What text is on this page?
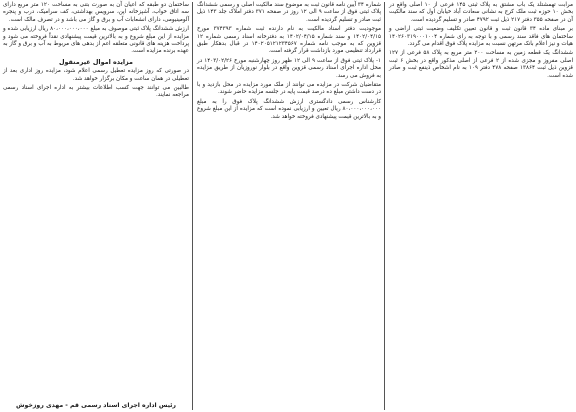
مرابت تهمشتلد یک باب مشتق به پلاک ثبتی ۱۴۵ فرعی از ۱۰ اصلی واقع در بخش ۱۰ حوزه ثبت ملک کرج به نشانی سعادت آباد خیابان اول که سند مالکیت آن در صفحه ۳۵۵ دفتر ۲۱۷ ذیل ثبت ۴۷۹۲ صادر و تسلیم گردیده است.
بر مبنای ماده ۳۴ قانون ثبت و قانون تعیین تکلیف وضعیت ثبتی اراضی و ساختمان های فاقد سند رسمی و با توجه به رای شماره ۱۴۰۲۶۰۳۱۹۰۰۰۱۰۰۴ هیات و نیز اعلام بانک مرتهن نسبت به مزایده پلاک فوق اقدام می گردد.
ششدانگ یک قطعه زمین به مساحت ۲۰۰ متر مربع به پلاک ۵۸ فرعی از ۱۲۷ اصلی مفروز و مجزی شده از ۲ فرعی از اصلی مذکور واقع در بخش ۶ ثبت قزوین ذیل ثبت ۱۳۸۶۴ صفحه ۴۷۸ دفتر ۱۰۹ به نام اشخاص ذینفع ثبت و صادر شده است.
شماره ۳۴ آیین نامه قانون ثبت به موضوع سند مالکیت اصلی و رسمی ششدانگ پلاک ثبتی فوق از ساعت ۹ الی ۱۲ روز در صفحه ۳۷۱ دفتر املاک جلد ۱۴۳ ذیل ثبت صادر و تسلیم گردیده است.
موجودیت دفتر اسناد مالکیت به نام دارنده ثبت شماره ۳۷۴۳۹۳ مورخ ۱۴۰۲/۰۴/۱۵ و سند شماره ۱۴۰۲/۰۴/۱۵ به دفترخانه اسناد رسمی شماره ۱۲ قزوین که به موجب نامه شماره ۱۴۰۲۰۵۱۲۱۲۳۴۵۶۷ در قبال بدهکار طبق قرارداد تنظیمی مورد بازداشت قرار گرفته است.
۱- پلاک ثبتی فوق از ساعت ۹ الی ۱۲ ظهر روز چهارشنبه مورخ ۱۴۰۳/۰۲/۲۶ در محل اداره اجرای اسناد رسمی قزوین واقع در بلوار نوروزیان از طریق مزایده به فروش می رسد.
متقاضیان شرکت در مزایده می توانند از ملک مورد مزایده در محل بازدید و با در دست داشتن مبلغ ده درصد قیمت پایه در جلسه مزایده حاضر شوند.
کارشناس رسمی دادگستری ارزش ششدانگ پلاک فوق را به مبلغ ۸۰،۰۰۰،۰۰۰،۰۰۰ ریال تعیین و ارزیابی نموده است که مزایده از این مبلغ شروع و به بالاترین قیمت پیشنهادی فروخته خواهد شد.
ساختمان دو طبقه که اعیان آن به صورت بتنی به مساحت ۱۲۰ متر مربع دارای سه اتاق خواب، آشپزخانه اپن، سرویس بهداشتی، کف سرامیک، درب و پنجره آلومینیومی، دارای انشعابات آب و برق و گاز می باشد و در تصرف مالک است.
ارزش ششدانگ پلاک ثبتی موصوف به مبلغ ۸۰،۰۰۰،۰۰۰،۰۰۰ ریال ارزیابی شده و مزایده از این مبلغ شروع و به بالاترین قیمت پیشنهادی نقداً فروخته می شود و پرداخت هزینه های قانونی متعلقه اعم از بدهی های مربوط به آب و برق و گاز به عهده برنده مزایده است.
مزایده اموال غیرمنقول
در صورتی که روز مزایده تعطیل رسمی اعلام شود، مزایده روز اداری بعد از تعطیلی در همان ساعت و مکان برگزار خواهد شد.
طالبین می توانند جهت کسب اطلاعات بیشتر به اداره اجرای اسناد رسمی مراجعه نمایند.
رئیس اداره اجرای اسناد رسمی قم - مهدی روزخوش
